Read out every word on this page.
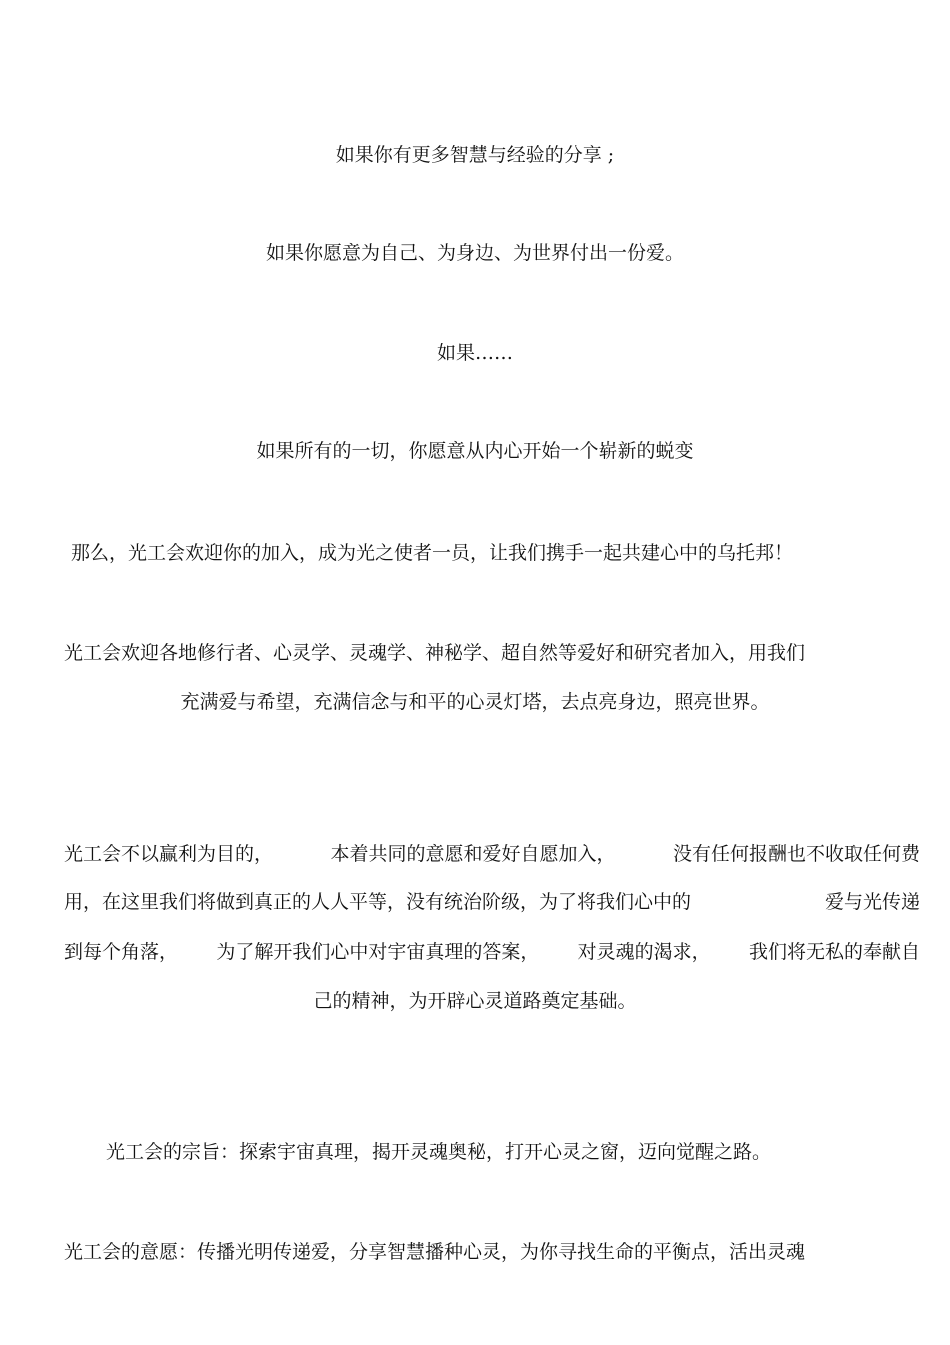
如果你有更多智慧与经验的分享 ;
如果你愿意为自己、为身边、为世界付出一份爱。
如果……
如果所有的一切，你愿意从内心开始一个崭新的蜕变
那么，光工会欢迎你的加入，成为光之使者一员，让我们携手一起共建心中的乌托邦！
光工会欢迎各地修行者、心灵学、灵魂学、神秘学、超自然等爱好和研究者加入，用我们
充满爱与希望，充满信念与和平的心灵灯塔，去点亮身边，照亮世界。
光工会不以赢利为目的，	本着共同的意愿和爱好自愿加入，	没有任何报酬也不收取任何费
用，在这里我们将做到真正的人人平等，没有统治阶级，为了将我们心中的	爱与光传递
到每个角落， 为了解开我们心中对宇宙真理的答案， 对灵魂的渴求， 我们将无私的奉献自
己的精神，为开辟心灵道路奠定基础。
光工会的宗旨：探索宇宙真理，揭开灵魂奥秘，打开心灵之窗，迈向觉醒之路。
光工会的意愿：传播光明传递爱，分享智慧播种心灵，为你寻找生命的平衡点，活出灵魂
